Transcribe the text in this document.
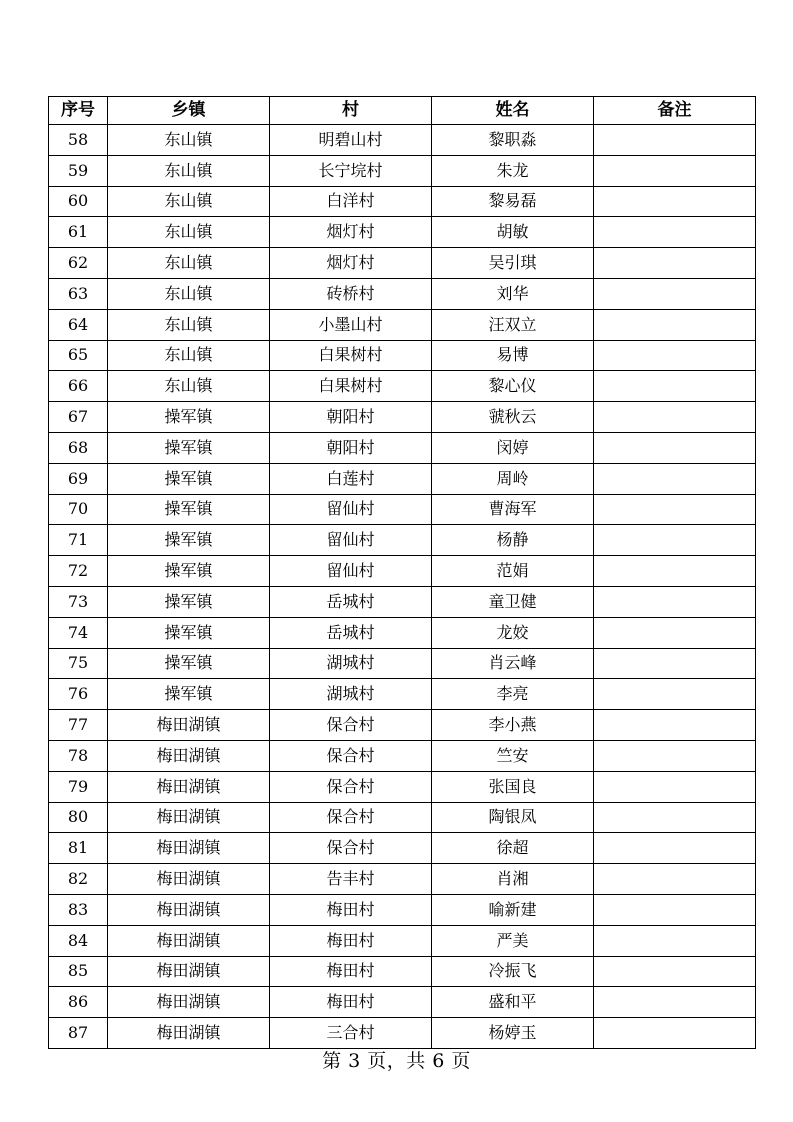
序号	乡镇	村	姓名	备注
58	东山镇	明碧山村	黎职淼	
59	东山镇	长宁垸村	朱龙	
60	东山镇	白洋村	黎易磊	
61	东山镇	烟灯村	胡敏	
62	东山镇	烟灯村	吴引琪	
63	东山镇	砖桥村	刘华	
64	东山镇	小墨山村	汪双立	
65	东山镇	白果树村	易博	
66	东山镇	白果树村	黎心仪	
67	操军镇	朝阳村	虢秋云	
68	操军镇	朝阳村	闵婷	
69	操军镇	白莲村	周岭	
70	操军镇	留仙村	曹海军	
71	操军镇	留仙村	杨静	
72	操军镇	留仙村	范娟	
73	操军镇	岳城村	童卫健	
74	操军镇	岳城村	龙姣	
75	操军镇	湖城村	肖云峰	
76	操军镇	湖城村	李亮	
77	梅田湖镇	保合村	李小燕	
78	梅田湖镇	保合村	竺安	
79	梅田湖镇	保合村	张国良	
80	梅田湖镇	保合村	陶银凤	
81	梅田湖镇	保合村	徐超	
82	梅田湖镇	告丰村	肖湘	
83	梅田湖镇	梅田村	喻新建	
84	梅田湖镇	梅田村	严美	
85	梅田湖镇	梅田村	冷振飞	
86	梅田湖镇	梅田村	盛和平	
87	梅田湖镇	三合村	杨婷玉	
第 3 页，共 6 页
